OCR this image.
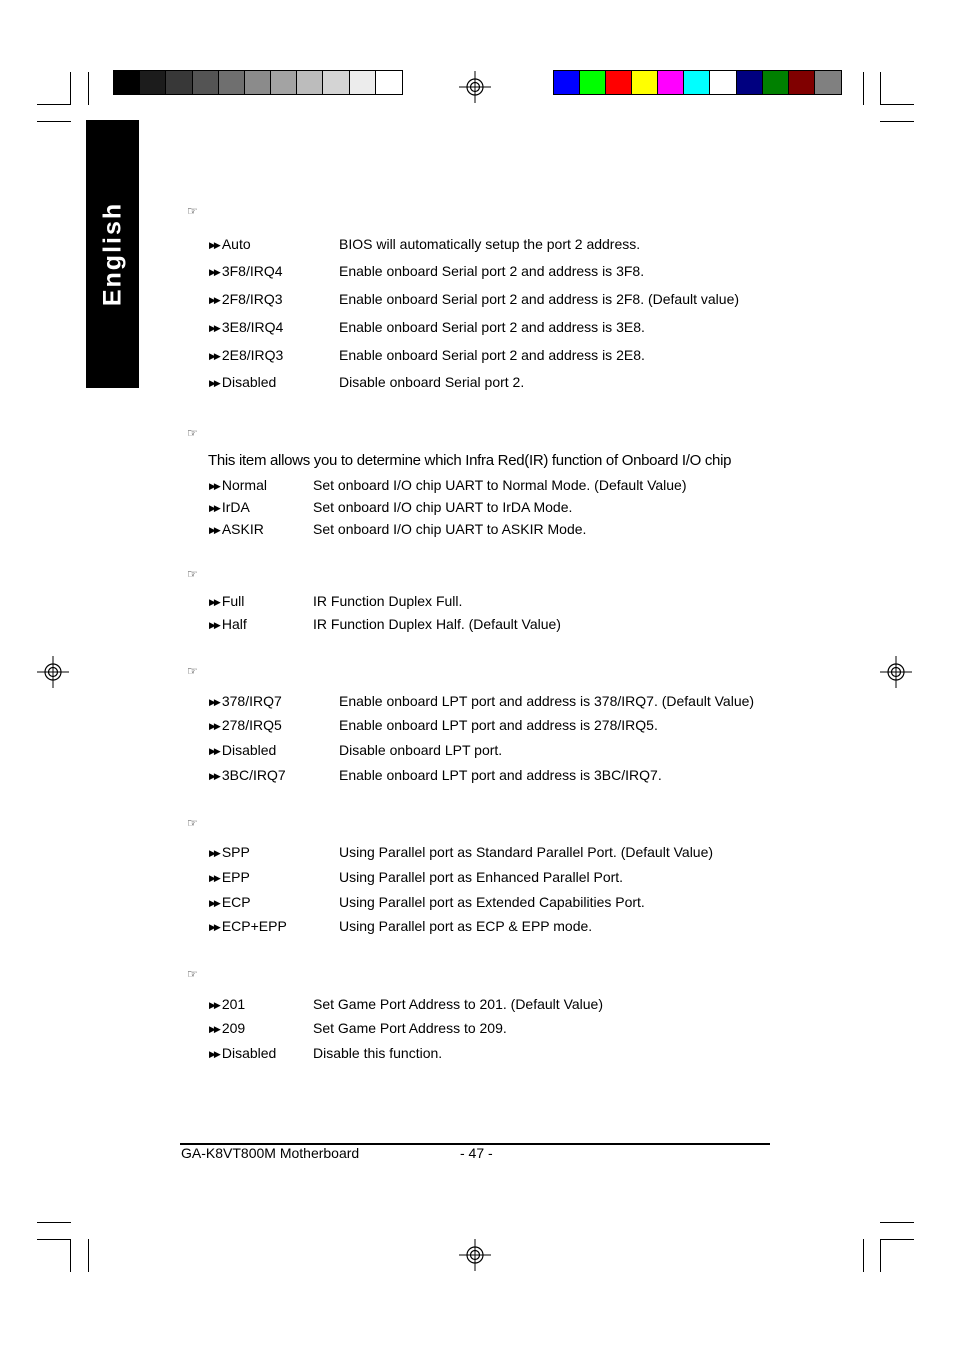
English	☞
☞
☞
☞
☞
☞
▶▶ Auto	BIOS will automatically setup the port 2 address.
▶▶ 3F8/IRQ4	Enable onboard Serial port 2 and address is 3F8.
▶▶ 2F8/IRQ3	Enable onboard Serial port 2 and address is 2F8. (Default value)
▶▶ 3E8/IRQ4	Enable onboard Serial port 2 and address is 3E8.
▶▶ 2E8/IRQ3	Enable onboard Serial port 2 and address is 2E8.
▶▶ Disabled	Disable onboard Serial port 2.
This item allows you to determine which Infra Red(IR) function of Onboard I/O chip
▶▶ Normal	Set onboard I/O chip UART to Normal Mode. (Default Value)
▶▶ IrDA	Set onboard I/O chip UART to IrDA Mode.
▶▶ ASKIR	Set onboard I/O chip UART to ASKIR Mode.
▶▶ Full	IR Function Duplex Full.
▶▶ Half	IR Function Duplex Half. (Default Value)
▶▶ 378/IRQ7	Enable onboard LPT port and address is 378/IRQ7. (Default Value)
▶▶ 278/IRQ5	Enable onboard LPT port and address is 278/IRQ5.
▶▶ Disabled	Disable onboard LPT port.
▶▶ 3BC/IRQ7	Enable onboard LPT port and address is 3BC/IRQ7.
▶▶ SPP	Using Parallel port as Standard Parallel Port. (Default Value)
▶▶ EPP	Using Parallel port as Enhanced Parallel Port.
▶▶ ECP	Using Parallel port as Extended Capabilities Port.
▶▶ ECP+EPP	Using Parallel port as ECP & EPP mode.
▶▶ 201	Set Game Port Address to 201. (Default Value)
▶▶ 209	Set Game Port Address to 209.
▶▶ Disabled	Disable this function.
GA-K8VT800M Motherboard	- 47 -
